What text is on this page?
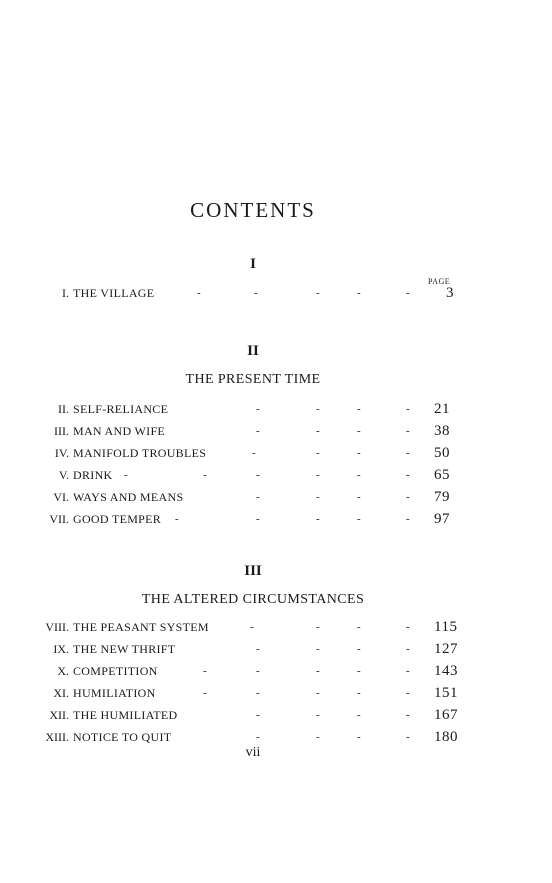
CONTENTS
I
PAGE
II
THE PRESENT TIME
III
THE ALTERED CIRCUMSTANCES
I. THE VILLAGE	-	-	-	-	- 3
II. SELF-RELIANCE	-	-	-	- 21
III. MAN AND WIFE	-	-	-	- 38
IV. MANIFOLD TROUBLES	-	-	-	- 50
V. DRINK -	-	-	-	-	- 65
VI. WAYS AND MEANS	-	-	-	- 79
VII. GOOD TEMPER -	-	-	-	- 97
VIII. THE PEASANT SYSTEM	-	-	-	- 115
IX. THE NEW THRIFT	-	-	-	- 127
X. COMPETITION	-	-	-	-	- 143
XI. HUMILIATION	-	-	-	-	- 151
XII. THE HUMILIATED	-	-	-	- 167
XIII. NOTICE TO QUIT	-	-	-	- 180
vii
